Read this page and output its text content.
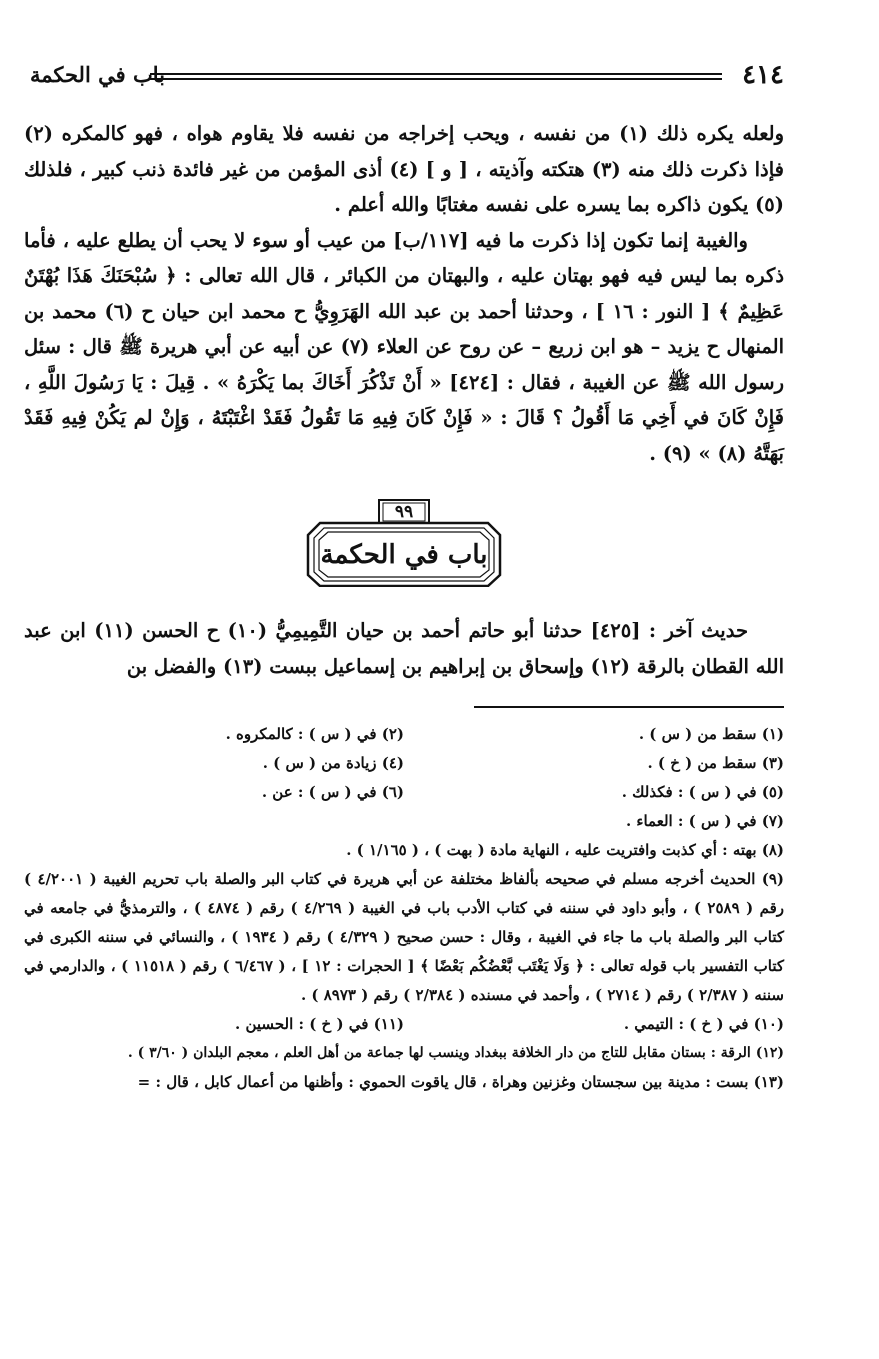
٤١٤
باب في الحكمة

ولعله يكره ذلك (١) من نفسه ، ويحب إخراجه من نفسه فلا يقاوم هواه ، فهو كالمكره (٢) فإذا ذكرت ذلك منه (٣) هتكته وآذيته ، [ و ] (٤) أذى المؤمن من غير فائدة ذنب كبير ، فلذلك (٥) يكون ذاكره بما يسره على نفسه مغتابًا والله أعلم .

والغيبة إنما تكون إذا ذكرت ما فيه [١١٧/ب] من عيب أو سوء لا يحب أن يطلع عليه ، فأما ذكره بما ليس فيه فهو بهتان عليه ، والبهتان من الكبائر ، قال الله تعالى : ﴿ سُبْحَنَكَ هَذَا بُهْتَنٌ عَظِيمٌ ﴾ [ النور : ١٦ ] ، وحدثنا أحمد بن عبد الله الهَرَوِيُّ ح محمد ابن حيان ح (٦) محمد بن المنهال ح يزيد – هو ابن زريع – عن روح عن العلاء (٧) عن أبيه عن أبي هريرة ﷺ قال : سئل رسول الله ﷺ عن الغيبة ، فقال : [٤٢٤] « أَنْ تَذْكُرَ أَخَاكَ بما يَكْرَهُ » . قِيلَ : يَا رَسُولَ اللَّهِ ، فَإِنْ كَانَ في أَخِي مَا أَقُولُ ؟ قَالَ : « فَإِنْ كَانَ فِيهِ مَا تَقُولُ فَقَدْ اغْتَبْتَهُ ، وَإِنْ لم يَكُنْ فِيهِ فَقَدْ بَهَتَّهُ (٨) » (٩) .

٩٩
باب في الحكمة

حديث آخر : [٤٢٥] حدثنا أبو حاتم أحمد بن حيان التَّمِيمِيُّ (١٠) ح الحسن (١١) ابن عبد الله القطان بالرقة (١٢) وإسحاق بن إبراهيم بن إسماعيل ببست (١٣) والفضل بن

(١) سقط من ( س ) .
(٢) في ( س ) : كالمكروه .
(٣) سقط من ( خ ) .
(٤) زيادة من ( س ) .
(٥) في ( س ) : فكذلك .
(٦) في ( س ) : عن .
(٧) في ( س ) : العماء .
(٨) بهته : أي كذبت وافتريت عليه ، النهاية مادة ( بهت ) ، ( ١/١٦٥ ) .
(٩) الحديث أخرجه مسلم في صحيحه بألفاظ مختلفة عن أبي هريرة في كتاب البر والصلة باب تحريم الغيبة ( ٤/٢٠٠١ ) رقم ( ٢٥٨٩ ) ، وأبو داود في سننه في كتاب الأدب باب في الغيبة ( ٤/٢٦٩ ) رقم ( ٤٨٧٤ ) ، والترمذيُّ في جامعه في كتاب البر والصلة باب ما جاء في الغيبة ، وقال : حسن صحيح ( ٤/٣٢٩ ) رقم ( ١٩٣٤ ) ، والنسائي في سننه الكبرى في كتاب التفسير باب قوله تعالى : ﴿ وَلَا يَغْتَب بَّعْضُكُم بَعْضًا ﴾ [ الحجرات : ١٢ ] ، ( ٦/٤٦٧ ) رقم ( ١١٥١٨ ) ، والدارمي في سننه ( ٢/٣٨٧ ) رقم ( ٢٧١٤ ) ، وأحمد في مسنده ( ٢/٣٨٤ ) رقم ( ٨٩٧٣ ) .
(١٠) في ( خ ) : التيمي .
(١١) في ( خ ) : الحسين .
(١٢) الرقة : بستان مقابل للتاج من دار الخلافة ببغداد وينسب لها جماعة من أهل العلم ، معجم البلدان ( ٣/٦٠ ) .
(١٣) بست : مدينة بين سجستان وغزنين وهراة ، قال ياقوت الحموي : وأظنها من أعمال كابل ، قال : =
